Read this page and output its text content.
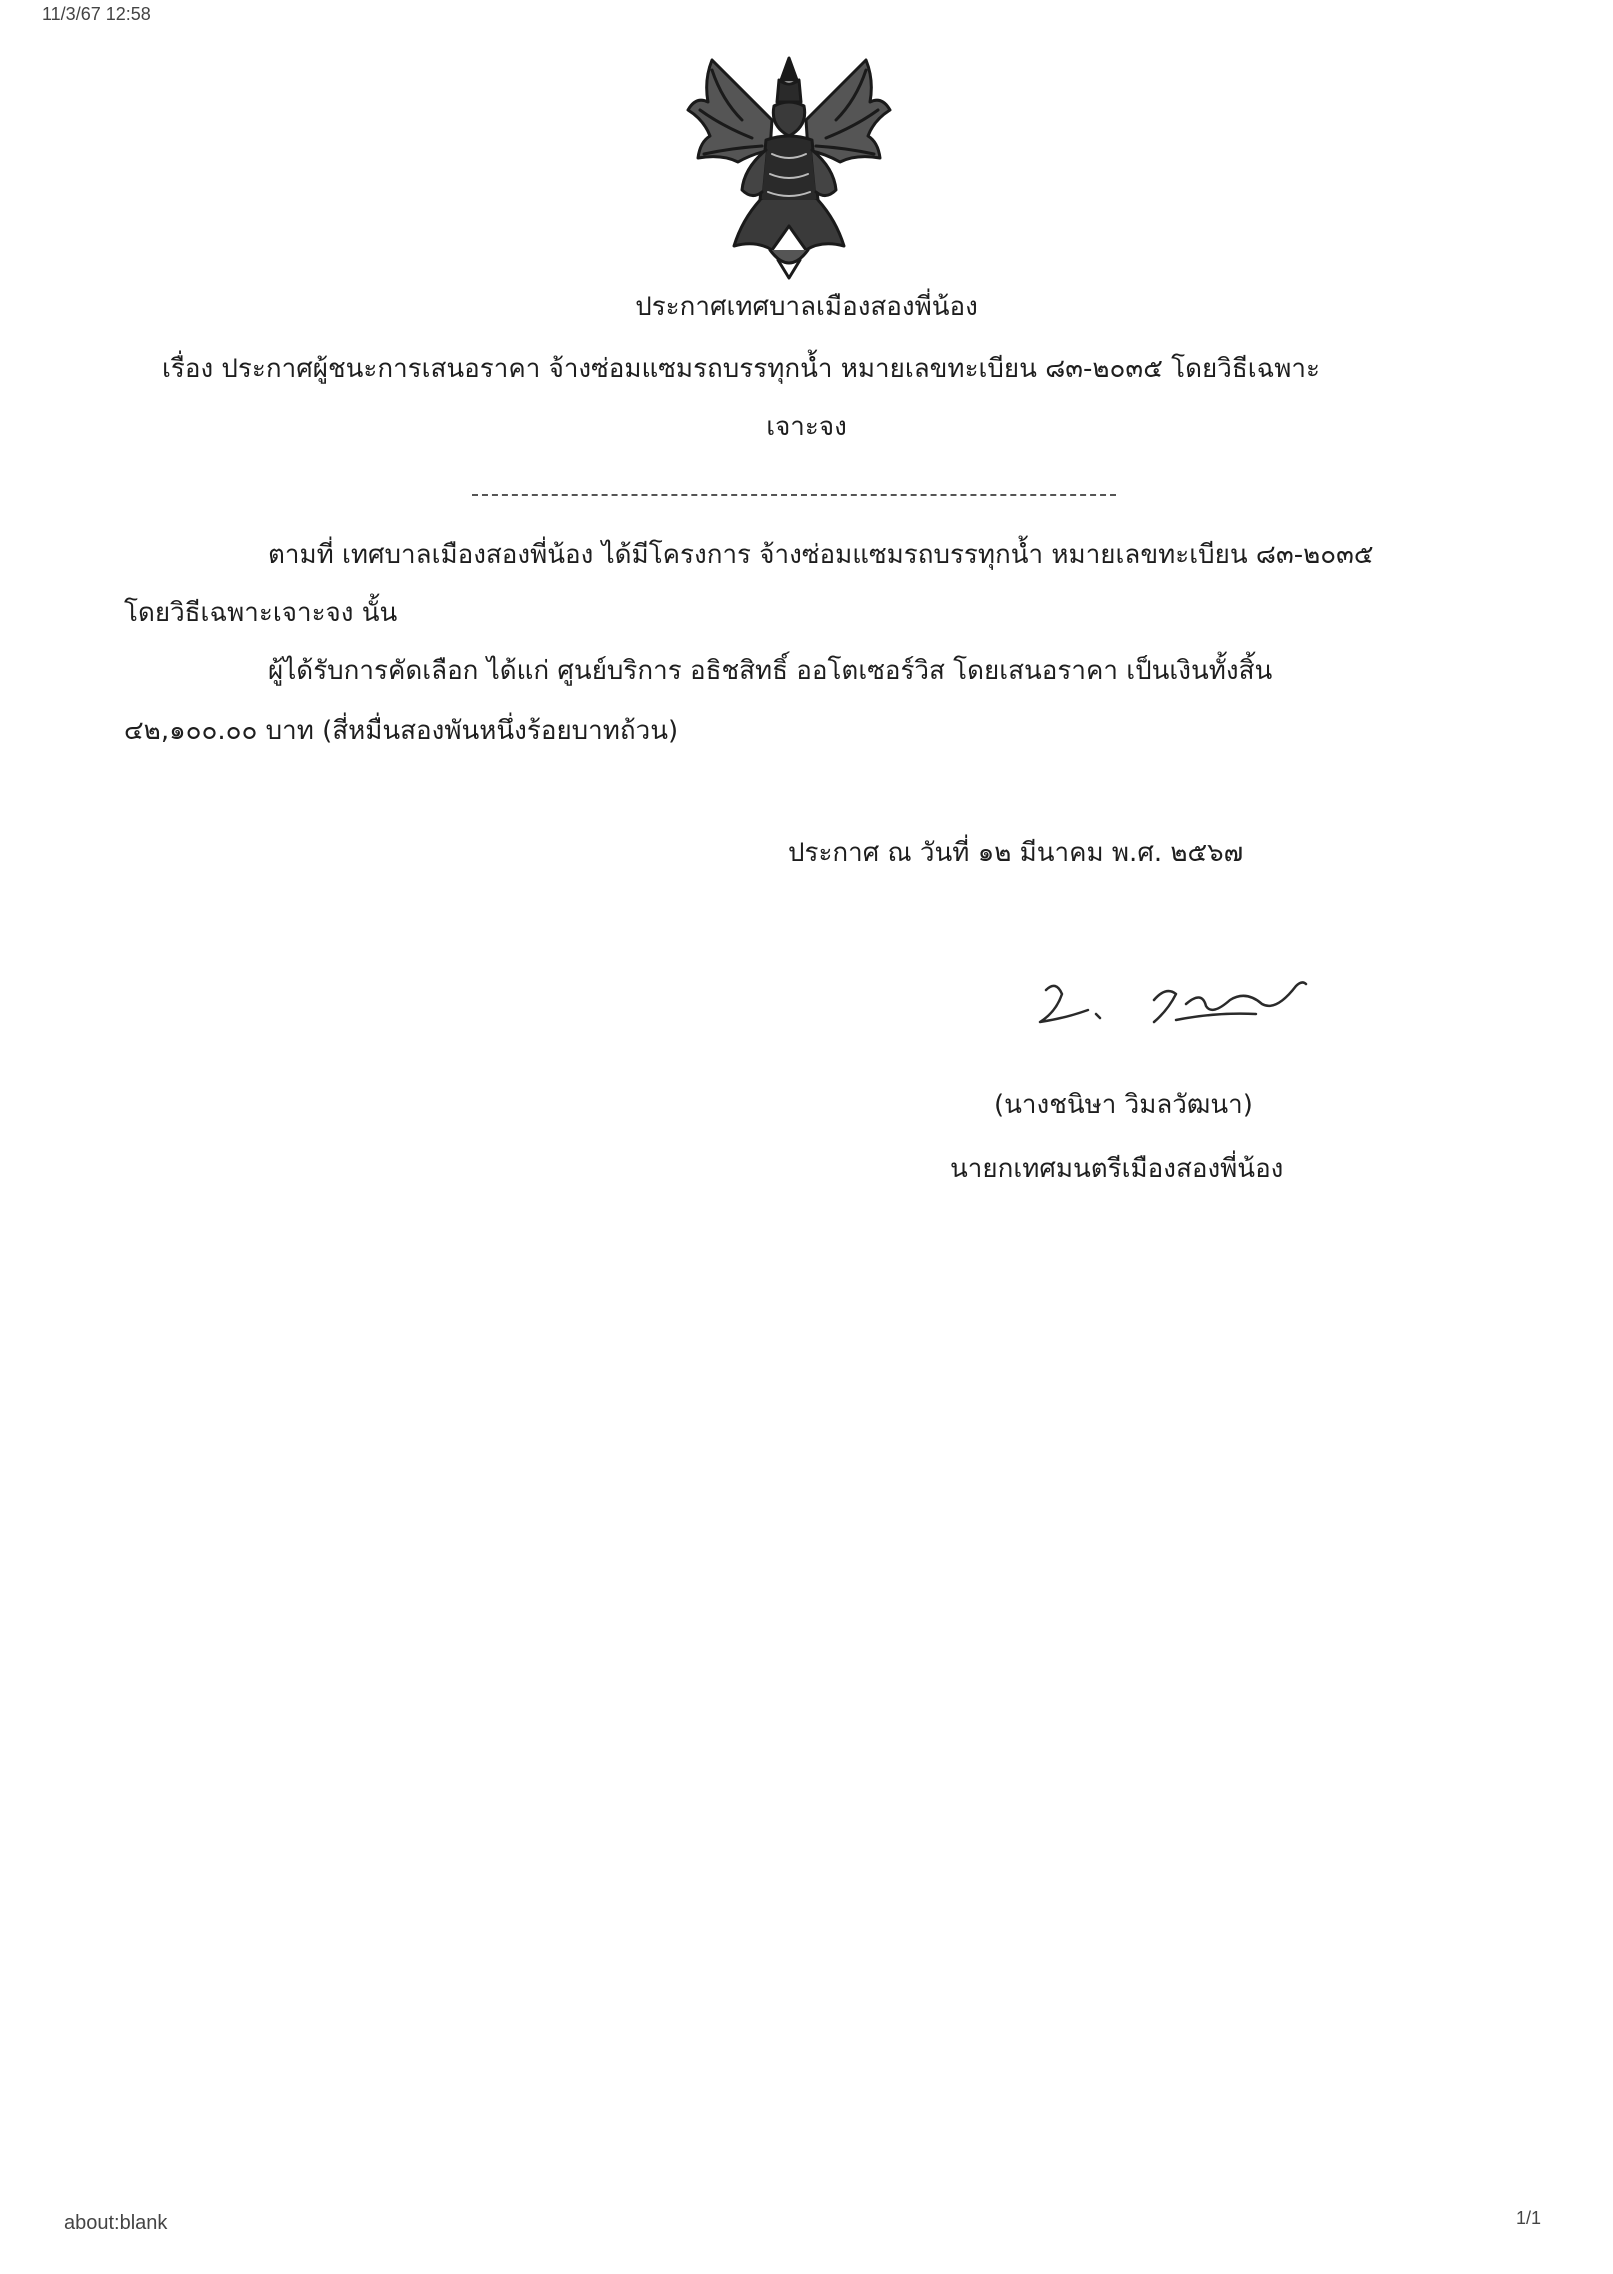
11/3/67 12:58
ประกาศเทศบาลเมืองสองพี่น้อง
เรื่อง ประกาศผู้ชนะการเสนอราคา จ้างซ่อมแซมรถบรรทุกน้ำ หมายเลขทะเบียน ๘๓-๒๐๓๕ โดยวิธีเฉพาะ
เจาะจง
ตามที่ เทศบาลเมืองสองพี่น้อง ได้มีโครงการ จ้างซ่อมแซมรถบรรทุกน้ำ หมายเลขทะเบียน ๘๓-๒๐๓๕
โดยวิธีเฉพาะเจาะจง นั้น
ผู้ได้รับการคัดเลือก ได้แก่ ศูนย์บริการ อธิชสิทธิ์ ออโตเซอร์วิส โดยเสนอราคา เป็นเงินทั้งสิ้น
๔๒,๑๐๐.๐๐ บาท (สี่หมื่นสองพันหนึ่งร้อยบาทถ้วน)
ประกาศ ณ วันที่ ๑๒ มีนาคม พ.ศ. ๒๕๖๗
(นางชนิษา วิมลวัฒนา)
นายกเทศมนตรีเมืองสองพี่น้อง
about:blank	1/1
